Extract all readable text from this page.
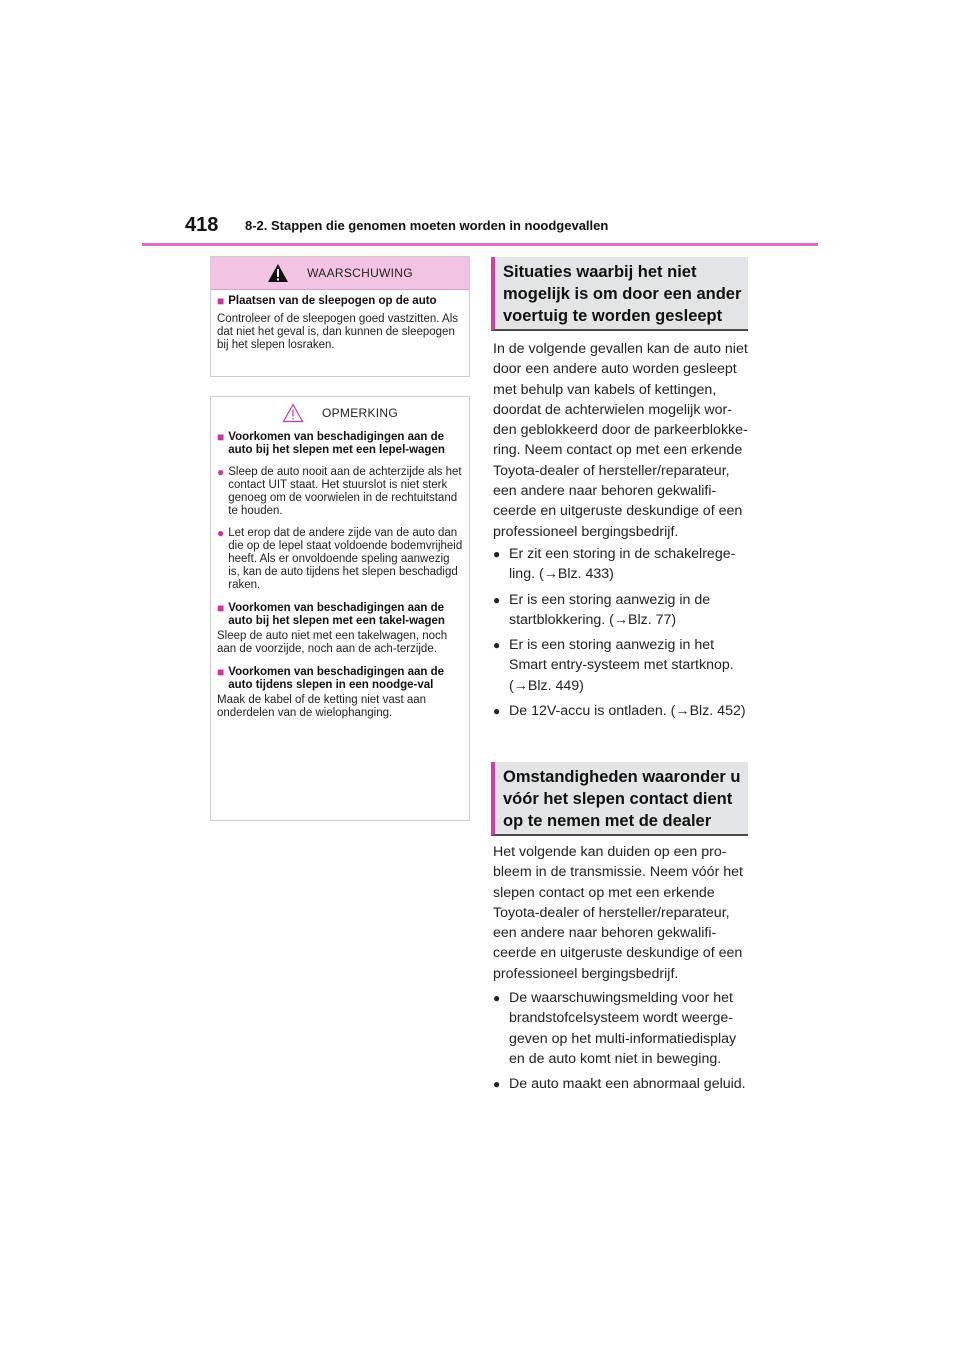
418 8-2. Stappen die genomen moeten worden in noodgevallen
WAARSCHUWING
■ Plaatsen van de sleepogen op de auto
Controleer of de sleepogen goed vastzitten. Als dat niet het geval is, dan kunnen de sleepogen bij het slepen losraken.
OPMERKING
■ Voorkomen van beschadigingen aan de auto bij het slepen met een lepel-wagen
● Sleep de auto nooit aan de achterzijde als het contact UIT staat. Het stuurslot is niet sterk genoeg om de voorwielen in de rechtuitstand te houden.
● Let erop dat de andere zijde van de auto dan die op de lepel staat voldoende bodemvrijheid heeft. Als er onvoldoende speling aanwezig is, kan de auto tijdens het slepen beschadigd raken.
■ Voorkomen van beschadigingen aan de auto bij het slepen met een takel-wagen
Sleep de auto niet met een takelwagen, noch aan de voorzijde, noch aan de ach-terzijde.
■ Voorkomen van beschadigingen aan de auto tijdens slepen in een noodge-val
Maak de kabel of de ketting niet vast aan onderdelen van de wielophanging.
Situaties waarbij het niet mogelijk is om door een ander voertuig te worden gesleept
In de volgende gevallen kan de auto niet door een andere auto worden gesleept met behulp van kabels of kettingen, doordat de achterwielen mogelijk wor-den geblokkeerd door de parkeerblokke-ring. Neem contact op met een erkende Toyota-dealer of hersteller/reparateur, een andere naar behoren gekwalifi-ceerde en uitgeruste deskundige of een professioneel bergingsbedrijf.
●
Er zit een storing in de schakelrege-ling. (→Blz. 433)
●
Er is een storing aanwezig in de startblokkering. (→Blz. 77)
●
Er is een storing aanwezig in het Smart entry-systeem met startknop. (→Blz. 449)
●
De 12V-accu is ontladen. (→Blz. 452)
Omstandigheden waaronder u vóór het slepen contact dient op te nemen met de dealer
Het volgende kan duiden op een pro-bleem in de transmissie. Neem vóór het slepen contact op met een erkende Toyota-dealer of hersteller/reparateur, een andere naar behoren gekwalifi-ceerde en uitgeruste deskundige of een professioneel bergingsbedrijf.
●
De waarschuwingsmelding voor het brandstofcelsysteem wordt weerge-geven op het multi-informatiedisplay en de auto komt niet in beweging.
●
De auto maakt een abnormaal geluid.
